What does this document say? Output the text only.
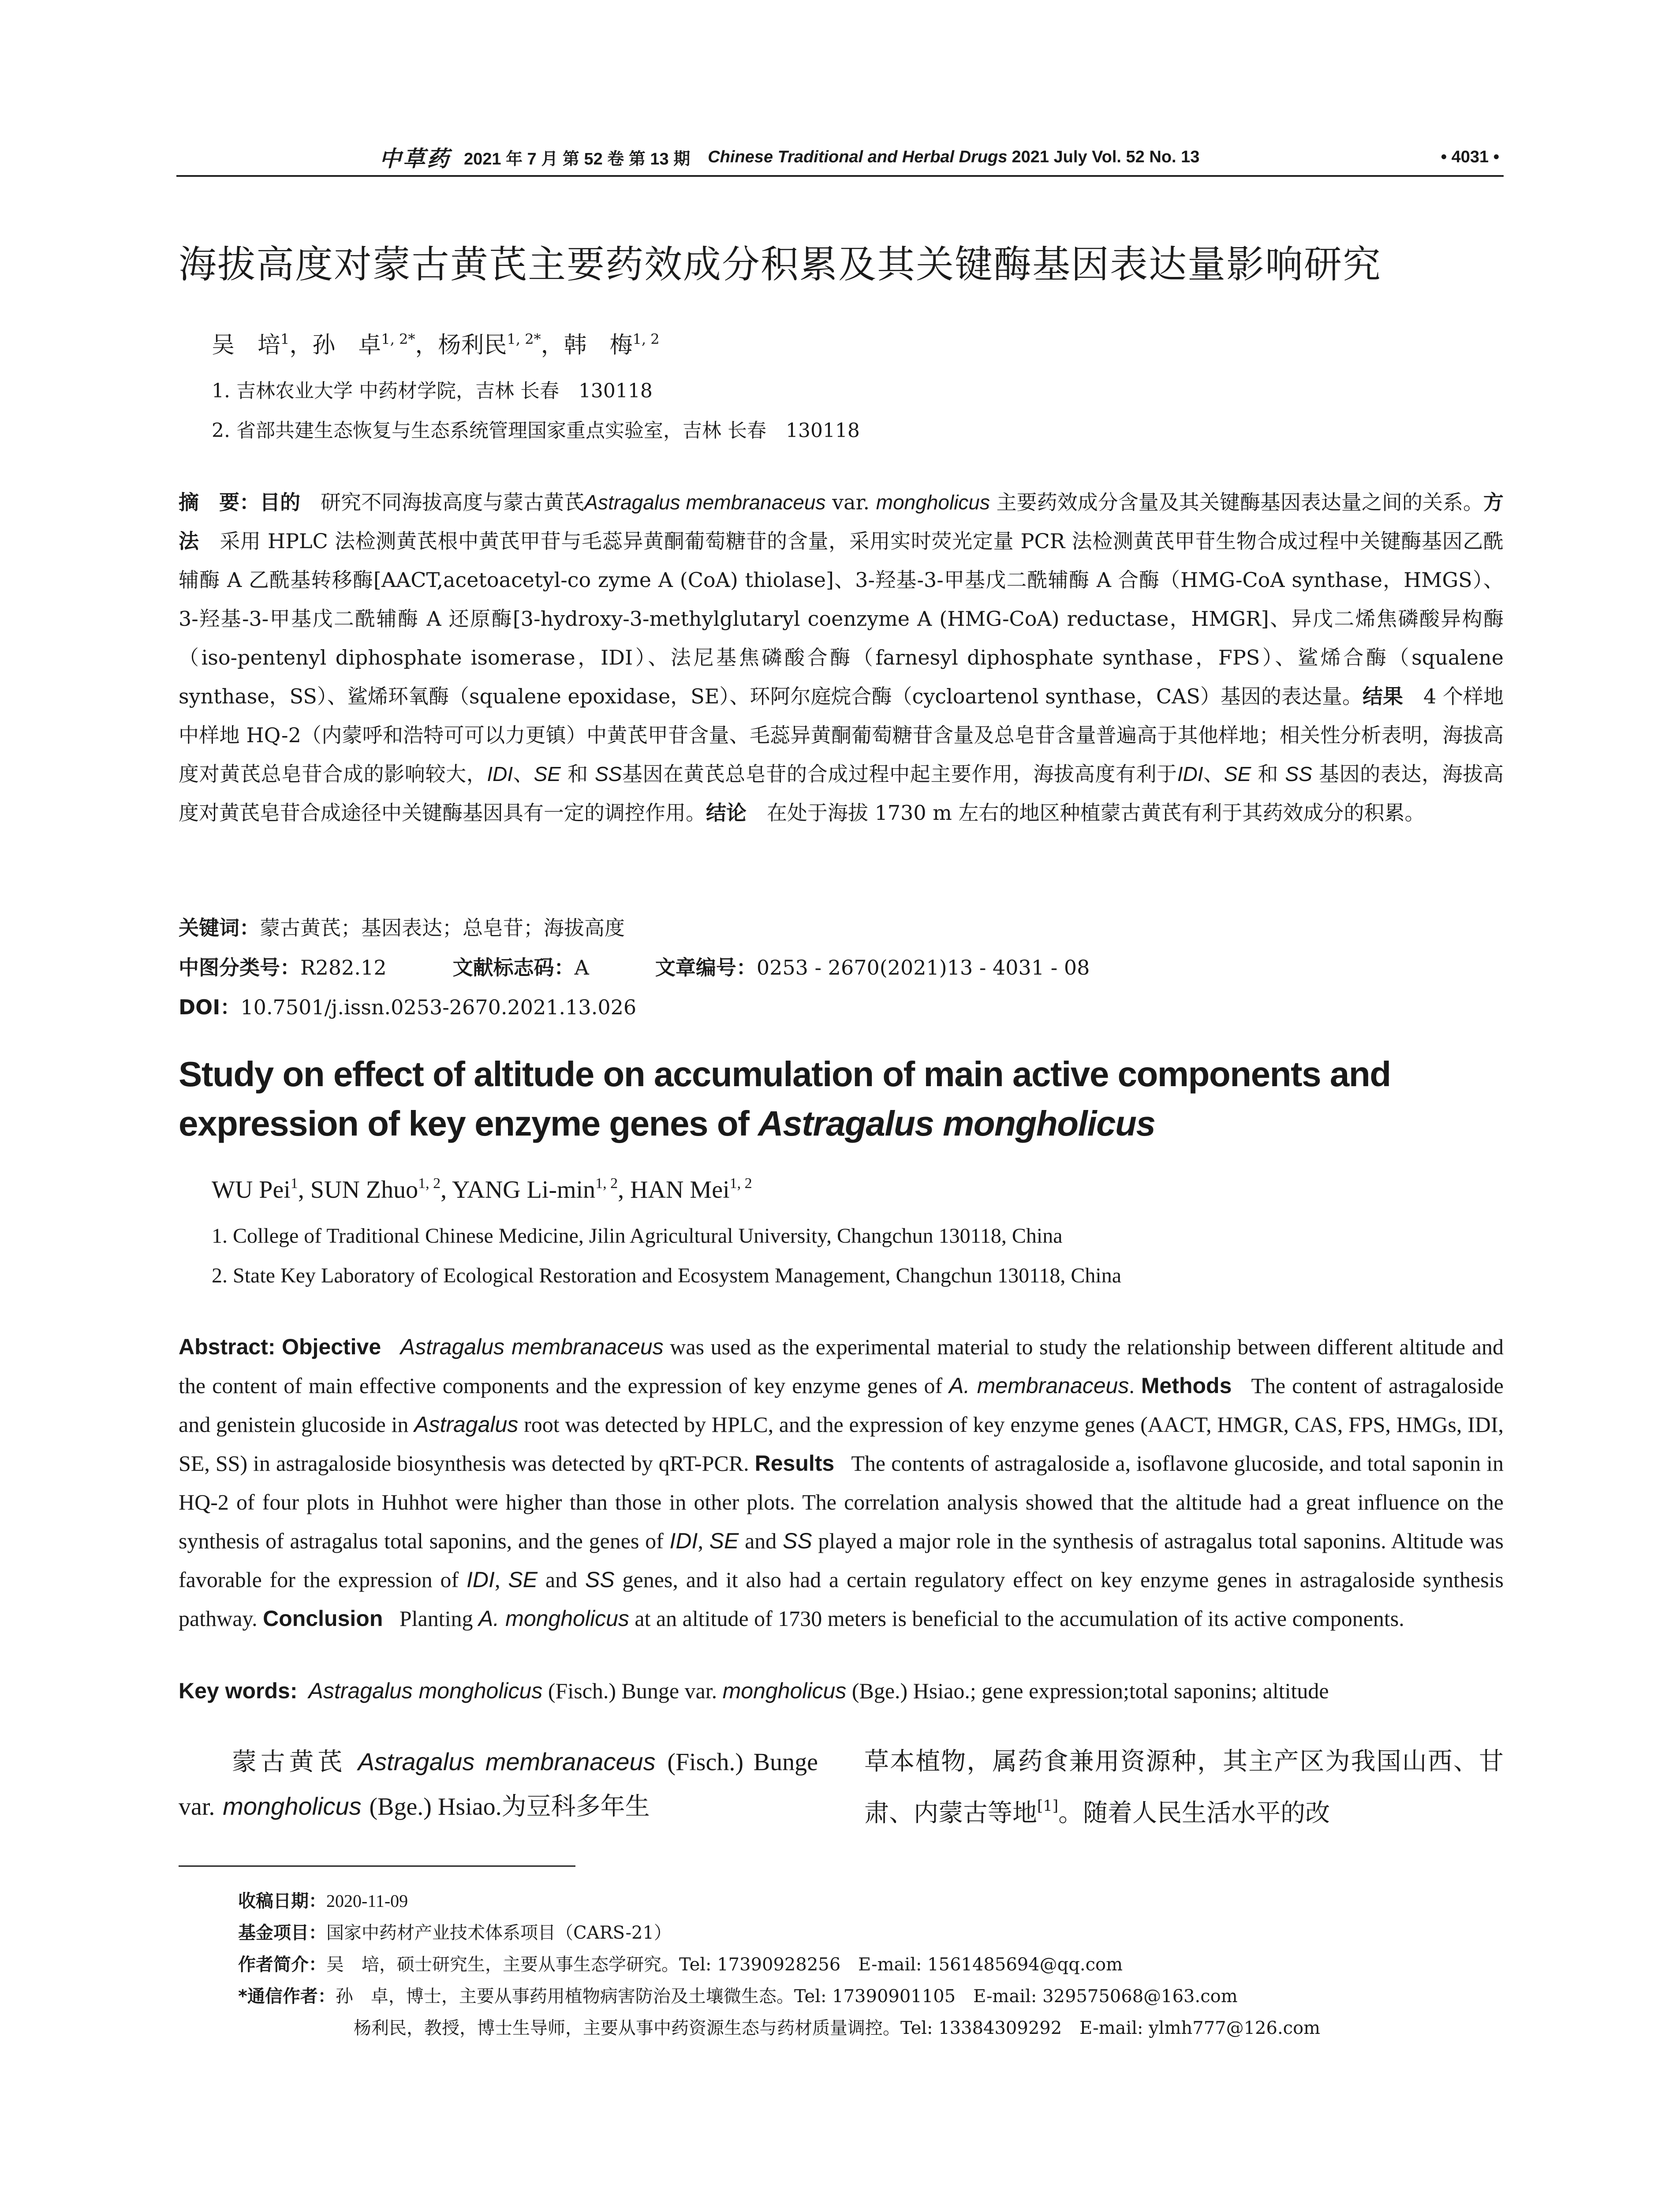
中草药 2021 年 7 月 第 52 卷 第 13 期 Chinese Traditional and Herbal Drugs 2021 July Vol. 52 No. 13	• 4031 •
海拔高度对蒙古黄芪主要药效成分积累及其关键酶基因表达量影响研究
吴　培$^1$，孙　卓$^{1, 2*}$，杨利民$^{1, 2*}$，韩　梅$^{1, 2}$
1. 吉林农业大学 中药材学院，吉林 长春　130118
2. 省部共建生态恢复与生态系统管理国家重点实验室，吉林 长春　130118
摘　要：目的　 研究不同海拔高度与蒙古黄芪Astragalus membranaceus var. mongholicus 主要药效成分含量及其关键酶基因表达量之间的关系。方法　 采用 HPLC 法检测黄芪根中黄芪甲苷与毛蕊异黄酮葡萄糖苷的含量，采用实时荧光定量 PCR 法检测黄芪甲苷生物合成过程中关键酶基因乙酰辅酶 A 乙酰基转移酶[AACT,acetoacetyl-co zyme A (CoA) thiolase]、3-羟基-3-甲基戊二酰辅酶 A 合酶（HMG-CoA synthase，HMGS）、3-羟基-3-甲基戊二酰辅酶 A 还原酶[3-hydroxy-3-methylglutaryl coenzyme A (HMG-CoA) reductase，HMGR]、异戊二烯焦磷酸异构酶（iso-pentenyl diphosphate isomerase，IDI）、法尼基焦磷酸合酶（farnesyl diphosphate synthase，FPS）、鲨烯合酶（squalene synthase，SS）、鲨烯环氧酶（squalene epoxidase，SE）、环阿尔庭烷合酶（cycloartenol synthase，CAS）基因的表达量。结果　 4 个样地中样地 HQ-2（内蒙呼和浩特可可以力更镇）中黄芪甲苷含量、毛蕊异黄酮葡萄糖苷含量及总皂苷含量普遍高于其他样地；相关性分析表明，海拔高度对黄芪总皂苷合成的影响较大，IDI、SE 和 SS基因在黄芪总皂苷的合成过程中起主要作用，海拔高度有利于IDI、SE 和 SS 基因的表达，海拔高度对黄芪皂苷合成途径中关键酶基因具有一定的调控作用。结论　 在处于海拔 1730 m 左右的地区种植蒙古黄芪有利于其药效成分的积累。
关键词：蒙古黄芪；基因表达；总皂苷；海拔高度
中图分类号：R282.12	文献标志码：A	文章编号：0253 - 2670(2021)13 - 4031 - 08
DOI：10.7501/j.issn.0253-2670.2021.13.026
Study on effect of altitude on accumulation of main active components and expression of key enzyme genes of Astragalus mongholicus
WU Pei$^1$, SUN Zhuo$^{1, 2}$, YANG $Li-\min^{1, 2}$, HAN Mei$^{1, 2}$
1. College of Traditional Chinese Medicine, Jilin Agricultural University, Changchun 130118, China
2. State Key Laboratory of Ecological Restoration and Ecosystem Management, Changchun 130118, China
Abstract: Objective Astragalus membranaceus was used as the experimental material to study the relationship between different altitude and the content of main effective components and the expression of key enzyme genes of A. membranaceus. Methods The content of astragaloside and genistein glucoside in Astragalus root was detected by HPLC, and the expression of key enzyme genes (AACT, HMGR, CAS, FPS, HMGs, IDI, SE, SS) in astragaloside biosynthesis was detected by qRT-PCR. Results The contents of astragaloside a, isoflavone glucoside, and total saponin in HQ-2 of four plots in Huhhot were higher than those in other plots. The correlation analysis showed that the altitude had a great influence on the synthesis of astragalus total saponins, and the genes of IDI, SE and SS played a major role in the synthesis of astragalus total saponins. Altitude was favorable for the expression of IDI, SE and SS genes, and it also had a certain regulatory effect on key enzyme genes in astragaloside synthesis pathway. Conclusion Planting A. mongholicus at an altitude of 1730 meters is beneficial to the accumulation of its active components.
Key words: Astragalus mongholicus (Fisch.) Bunge var. mongholicus (Bge.) Hsiao.; gene expression;total saponins; altitude
蒙古黄芪 Astragalus membranaceus (Fisch.) Bunge var. mongholicus (Bge.) Hsiao.为豆科多年生
草本植物，属药食兼用资源种，其主产区为我国山西、甘肃、内蒙古等地[1]。随着人民生活水平的改
收稿日期：2020-11-09
基金项目：国家中药材产业技术体系项目（CARS-21）
作者简介：吴　培，硕士研究生，主要从事生态学研究。Tel: 17390928256　E-mail: 1561485694@qq.com
*通信作者：孙　卓，博士，主要从事药用植物病害防治及土壤微生态。Tel: 17390901105　E-mail: 329575068@163.com
杨利民，教授，博士生导师，主要从事中药资源生态与药材质量调控。Tel: 13384309292　E-mail: ylmh777@126.com
